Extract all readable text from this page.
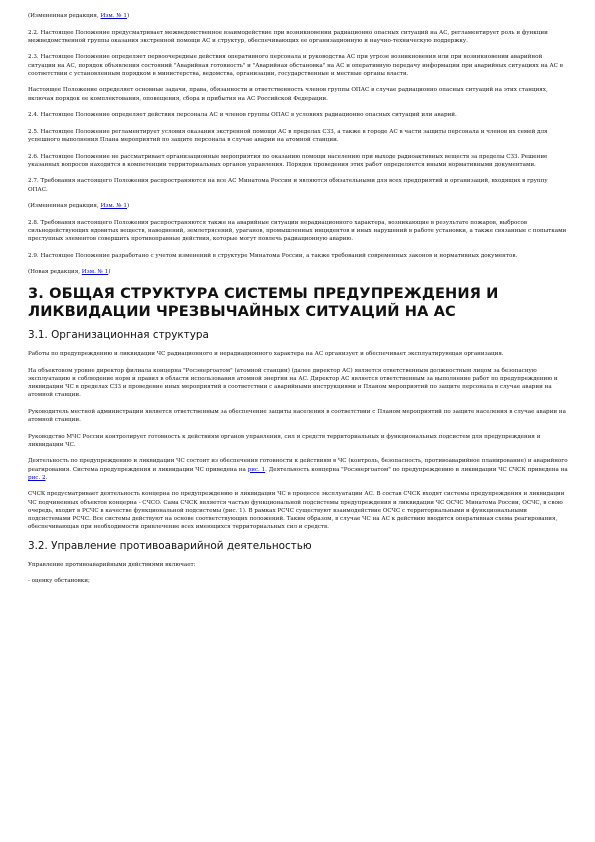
(Измененная редакция, Изм. № 1)

2.2. Настоящее Положение предусматривает межведомственное взаимодействие при возникновении радиационно опасных ситуаций на АС, регламентирует роль и функции межведомственной группы оказания экстренной помощи АС и структур, обеспечивающих ее организационную и научно-техническую поддержку.

2.3. Настоящее Положение определяет первоочередные действия оперативного персонала и руководства АС при угрозе возникновения или при возникновении аварийной ситуации на АС, порядок объявления состояний "Аварийная готовность" и "Аварийная обстановка" на АС и оперативную передачу информации при аварийных ситуациях на АС в соответствии с установленным порядком в министерства, ведомства, организации, государственные и местные органы власти.

Настоящее Положение определяет основные задачи, права, обязанности и ответственность членов группы ОПАС в случае радиационно опасных ситуаций на этих станциях, включая порядок ее комплектования, оповещения, сбора и прибытия на АС Российской Федерации.

2.4. Настоящее Положение определяет действия персонала АС и членов группы ОПАС в условиях радиационно опасных ситуаций или аварий.

2.5. Настоящее Положение регламентирует условия оказания экстренной помощи АС в пределах СЗЗ, а также в городе АС в части защиты персонала и членов их семей для успешного выполнения Плана мероприятий по защите персонала в случае аварии на атомной станции.

2.6. Настоящее Положение не рассматривает организационные мероприятия по оказанию помощи населению при выходе радиоактивных веществ за пределы СЗЗ. Решение указанных вопросов находится в компетенции территориальных органов управления. Порядок проведения этих работ определяется иными нормативными документами.

2.7. Требования настоящего Положения распространяются на все АС Минатома России и являются обязательными для всех предприятий и организаций, входящих в группу ОПАС.

(Измененная редакция, Изм. № 1)

2.8. Требования настоящего Положения распространяются также на аварийные ситуации нерадиационного характера, возникающие в результате пожаров, выбросов сильнодействующих ядовитых веществ, наводнений, землетрясений, ураганов, промышленных инцидентов и иных нарушений в работе установки, а также связанные с попытками преступных элементов совершить противоправные действия, которые могут повлечь радиационную аварию.

2.9. Настоящее Положение разработано с учетом изменений в структуре Минатома России, а также требований современных законов и нормативных документов.

(Новая редакция, Изм. № 1)

3. ОБЩАЯ СТРУКТУРА СИСТЕМЫ ПРЕДУПРЕЖДЕНИЯ И ЛИКВИДАЦИИ ЧРЕЗВЫЧАЙНЫХ СИТУАЦИЙ НА АС
3.1. Организационная структура

Работы по предупреждению и ликвидации ЧС радиационного и нерадиационного характера на АС организует и обеспечивает эксплуатирующая организация.

На объектовом уровне директор филиала концерна "Росэнергоатом" (атомной станции) (далее директор АС) является ответственным должностным лицом за безопасную эксплуатацию и соблюдение норм и правил в области использования атомной энергии на АС. Директор АС является ответственным за выполнение работ по предупреждению и ликвидации ЧС в пределах СЗЗ и проведение иных мероприятий в соответствии с аварийными инструкциями и Планом мероприятий по защите персонала в случае аварии на атомной станции.

Руководитель местной администрации является ответственным за обеспечение защиты населения в соответствии с Планом мероприятий по защите населения в случае аварии на атомной станции.

Руководство МЧС России контролирует готовность к действиям органов управления, сил и средств территориальных и функциональных подсистем для предупреждения и ликвидации ЧС.

Деятельность по предупреждению и ликвидации ЧС состоит из обеспечения готовности к действиям в ЧС (контроль, безопасность, противоаварийное планирование) и аварийного реагирования. Система предупреждения и ликвидации ЧС приведена на рис. 1. Деятельность концерна "Росэнергоатом" по предупреждению и ликвидации ЧС СЧСК приведена на рис. 2.

СЧСК предусматривает деятельность концерна по предупреждению и ликвидации ЧС в процессе эксплуатации АС. В состав СЧСК входят системы предупреждения и ликвидации ЧС подчиненных объектов концерна - СЧСО. Сама СЧСК является частью функциональной подсистемы предупреждения и ликвидации ЧС ОСЧС Минатома России, ОСЧС, в свою очередь, входит в РСЧС в качестве функциональной подсистемы (рис. 1). В рамках РСЧС существуют взаимодействие ОСЧС с территориальными и функциональными подсистемами РСЧС. Все системы действуют на основе соответствующих положений. Таким образом, в случае ЧС на АС к действию вводится оперативная схема реагирования, обеспечивающая при необходимости привлечение всех имеющихся территориальных сил и средств.

3.2. Управление противоаварийной деятельностью

Управление противоаварийными действиями включает:

- оценку обстановки;
